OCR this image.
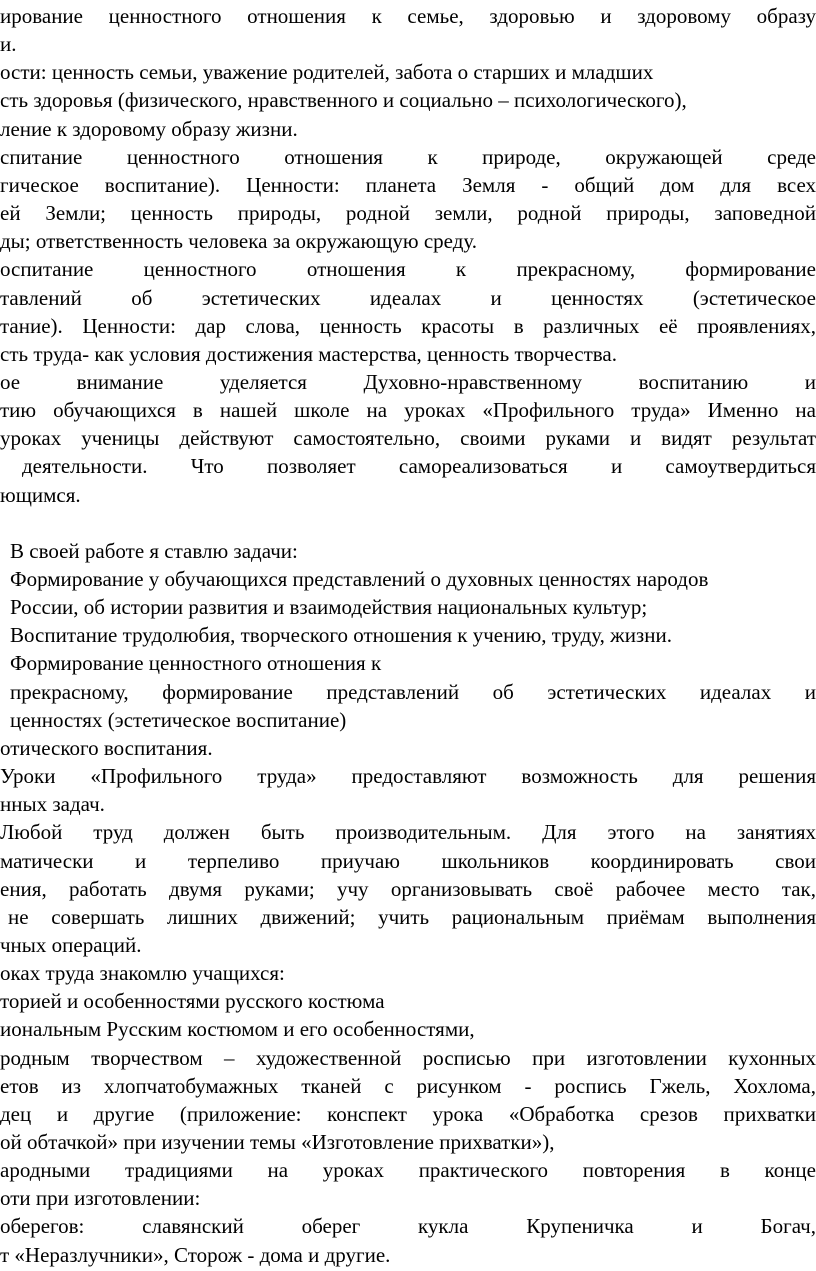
ирование ценностного отношения к семье, здоровью и здоровому образу
и.
ости: ценность семьи, уважение родителей, забота о старших и младших
сть здоровья (физического, нравственного и социально – психологического),
ление к здоровому образу жизни.
спитание ценностного отношения к природе, окружающей среде
гическое воспитание). Ценности: планета Земля - общий дом для всех
ей Земли; ценность природы, родной земли, родной природы, заповедной
ды; ответственность человека за окружающую среду.
оспитание ценностного отношения к прекрасному, формирование
тавлений об эстетических идеалах и ценностях (эстетическое
тание). Ценности: дар слова, ценность красоты в различных её проявлениях,
сть труда- как условия достижения мастерства, ценность творчества.
ое внимание уделяется Духовно-нравственному воспитанию и
тию обучающихся в нашей школе на уроках «Профильного труда» Именно на
уроках ученицы действуют самостоятельно, своими руками и видят результат
деятельности. Что позволяет самореализоваться и самоутвердиться
ющимся.
В своей работе я ставлю задачи:
Формирование у обучающихся представлений о духовных ценностях народов
России, об истории развития и взаимодействия национальных культур;
Воспитание трудолюбия, творческого отношения к учению, труду, жизни.
Формирование ценностного отношения к
прекрасному, формирование представлений об эстетических идеалах и
ценностях (эстетическое воспитание)
отического воспитания.
Уроки «Профильного труда» предоставляют возможность для решения
нных задач.
Любой труд должен быть производительным. Для этого на занятиях
матически и терпеливо приучаю школьников координировать свои
ения, работать двумя руками; учу организовывать своё рабочее место так,
не совершать лишних движений; учить рациональным приёмам выполнения
чных операций.
оках труда знакомлю учащихся:
торией и особенностями русского костюма
иональным Русским костюмом и его особенностями,
родным творчеством – художественной росписью при изготовлении кухонных
етов из хлопчатобумажных тканей с рисунком - роспись Гжель, Хохлома,
дец и другие (приложение: конспект урока «Обработка срезов прихватки
ой обтачкой» при изучении темы «Изготовление прихватки»),
ародными традициями на уроках практического повторения в конце
оти при изготовлении:
оберегов: славянский оберег кукла Крупеничка и Богач,
т «Неразлучники», Сторож - дома и другие.
